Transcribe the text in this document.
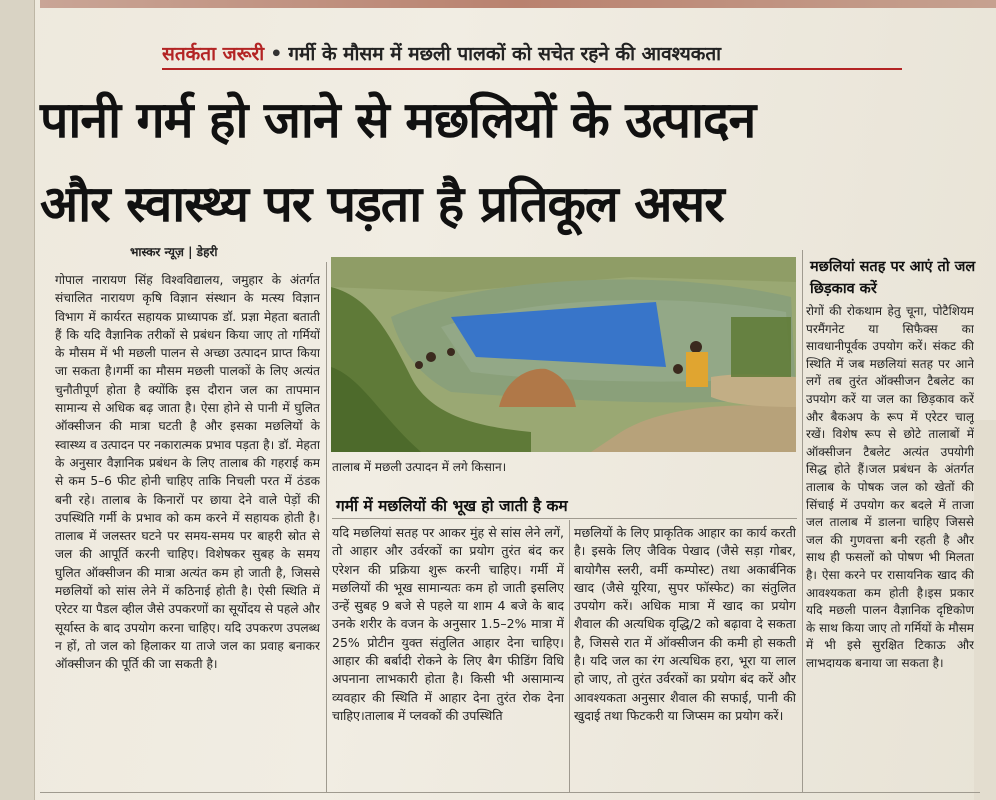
सतर्कता जरूरी • गर्मी के मौसम में मछली पालकों को सचेत रहने की आवश्यकता
पानी गर्म हो जाने से मछलियों के उत्पादन
और स्वास्थ्य पर पड़ता है प्रतिकूल असर
भास्कर न्यूज़ | डेहरी
गोपाल नारायण सिंह विश्वविद्यालय, जमुहार के अंतर्गत संचालित नारायण कृषि विज्ञान संस्थान के मत्स्य विज्ञान विभाग में कार्यरत सहायक प्राध्यापक डॉ. प्रज्ञा मेहता बताती हैं कि यदि वैज्ञानिक तरीकों से प्रबंधन किया जाए तो गर्मियों के मौसम में भी मछली पालन से अच्छा उत्पादन प्राप्त किया जा सकता है।गर्मी का मौसम मछली पालकों के लिए अत्यंत चुनौतीपूर्ण होता है क्योंकि इस दौरान जल का तापमान सामान्य से अधिक बढ़ जाता है। ऐसा होने से पानी में घुलित ऑक्सीजन की मात्रा घटती है और इसका मछलियों के स्वास्थ्य व उत्पादन पर नकारात्मक प्रभाव पड़ता है। डॉ. मेहता के अनुसार वैज्ञानिक प्रबंधन के लिए तालाब की गहराई कम से कम 5–6 फीट होनी चाहिए ताकि निचली परत में ठंडक बनी रहे। तालाब के किनारों पर छाया देने वाले पेड़ों की उपस्थिति गर्मी के प्रभाव को कम करने में सहायक होती है। तालाब में जलस्तर घटने पर समय-समय पर बाहरी स्रोत से जल की आपूर्ति करनी चाहिए। विशेषकर सुबह के समय घुलित ऑक्सीजन की मात्रा अत्यंत कम हो जाती है, जिससे मछलियों को सांस लेने में कठिनाई होती है। ऐसी स्थिति में एरेटर या पैडल व्हील जैसे उपकरणों का सूर्योदय से पहले और सूर्यास्त के बाद उपयोग करना चाहिए। यदि उपकरण उपलब्ध न हों, तो जल को हिलाकर या ताजे जल का प्रवाह बनाकर ऑक्सीजन की पूर्ति की जा सकती है।
तालाब में मछली उत्पादन में लगे किसान।
गर्मी में मछलियों की भूख हो जाती है कम
यदि मछलियां सतह पर आकर मुंह से सांस लेने लगें, तो आहार और उर्वरकों का प्रयोग तुरंत बंद कर एरेशन की प्रक्रिया शुरू करनी चाहिए। गर्मी में मछलियों की भूख सामान्यतः कम हो जाती इसलिए उन्हें सुबह 9 बजे से पहले या शाम 4 बजे के बाद उनके शरीर के वजन के अनुसार 1.5–2% मात्रा में 25% प्रोटीन युक्त संतुलित आहार देना चाहिए। आहार की बर्बादी रोकने के लिए बैग फीडिंग विधि अपनाना लाभकारी होता है। किसी भी असामान्य व्यवहार की स्थिति में आहार देना तुरंत रोक देना चाहिए।तालाब में प्लवकों की उपस्थिति
मछलियों के लिए प्राकृतिक आहार का कार्य करती है। इसके लिए जैविक पेखाद (जैसे सड़ा गोबर, बायोगैस स्लरी, वर्मी कम्पोस्ट) तथा अकार्बनिक खाद (जैसे यूरिया, सुपर फॉस्फेट) का संतुलित उपयोग करें। अधिक मात्रा में खाद का प्रयोग शैवाल की अत्यधिक वृद्धि/2 को बढ़ावा दे सकता है, जिससे रात में ऑक्सीजन की कमी हो सकती है। यदि जल का रंग अत्यधिक हरा, भूरा या लाल हो जाए, तो तुरंत उर्वरकों का प्रयोग बंद करें और आवश्यकता अनुसार शैवाल की सफाई, पानी की खुदाई तथा फिटकरी या जिप्सम का प्रयोग करें।
मछलियां सतह पर आएं तो जल छिड़काव करें
रोगों की रोकथाम हेतु चूना, पोटैशियम परमैंगनेट या सिफैक्स का सावधानीपूर्वक उपयोग करें। संकट की स्थिति में जब मछलियां सतह पर आने लगें तब तुरंत ऑक्सीजन टैबलेट का उपयोग करें या जल का छिड़काव करें और बैकअप के रूप में एरेटर चालू रखें। विशेष रूप से छोटे तालाबों में ऑक्सीजन टैबलेट अत्यंत उपयोगी सिद्ध होते हैं।जल प्रबंधन के अंतर्गत तालाब के पोषक जल को खेतों की सिंचाई में उपयोग कर बदले में ताजा जल तालाब में डालना चाहिए जिससे जल की गुणवत्ता बनी रहती है और साथ ही फसलों को पोषण भी मिलता है। ऐसा करने पर रासायनिक खाद की आवश्यकता कम होती है।इस प्रकार यदि मछली पालन वैज्ञानिक दृष्टिकोण के साथ किया जाए तो गर्मियों के मौसम में भी इसे सुरक्षित टिकाऊ और लाभदायक बनाया जा सकता है।
